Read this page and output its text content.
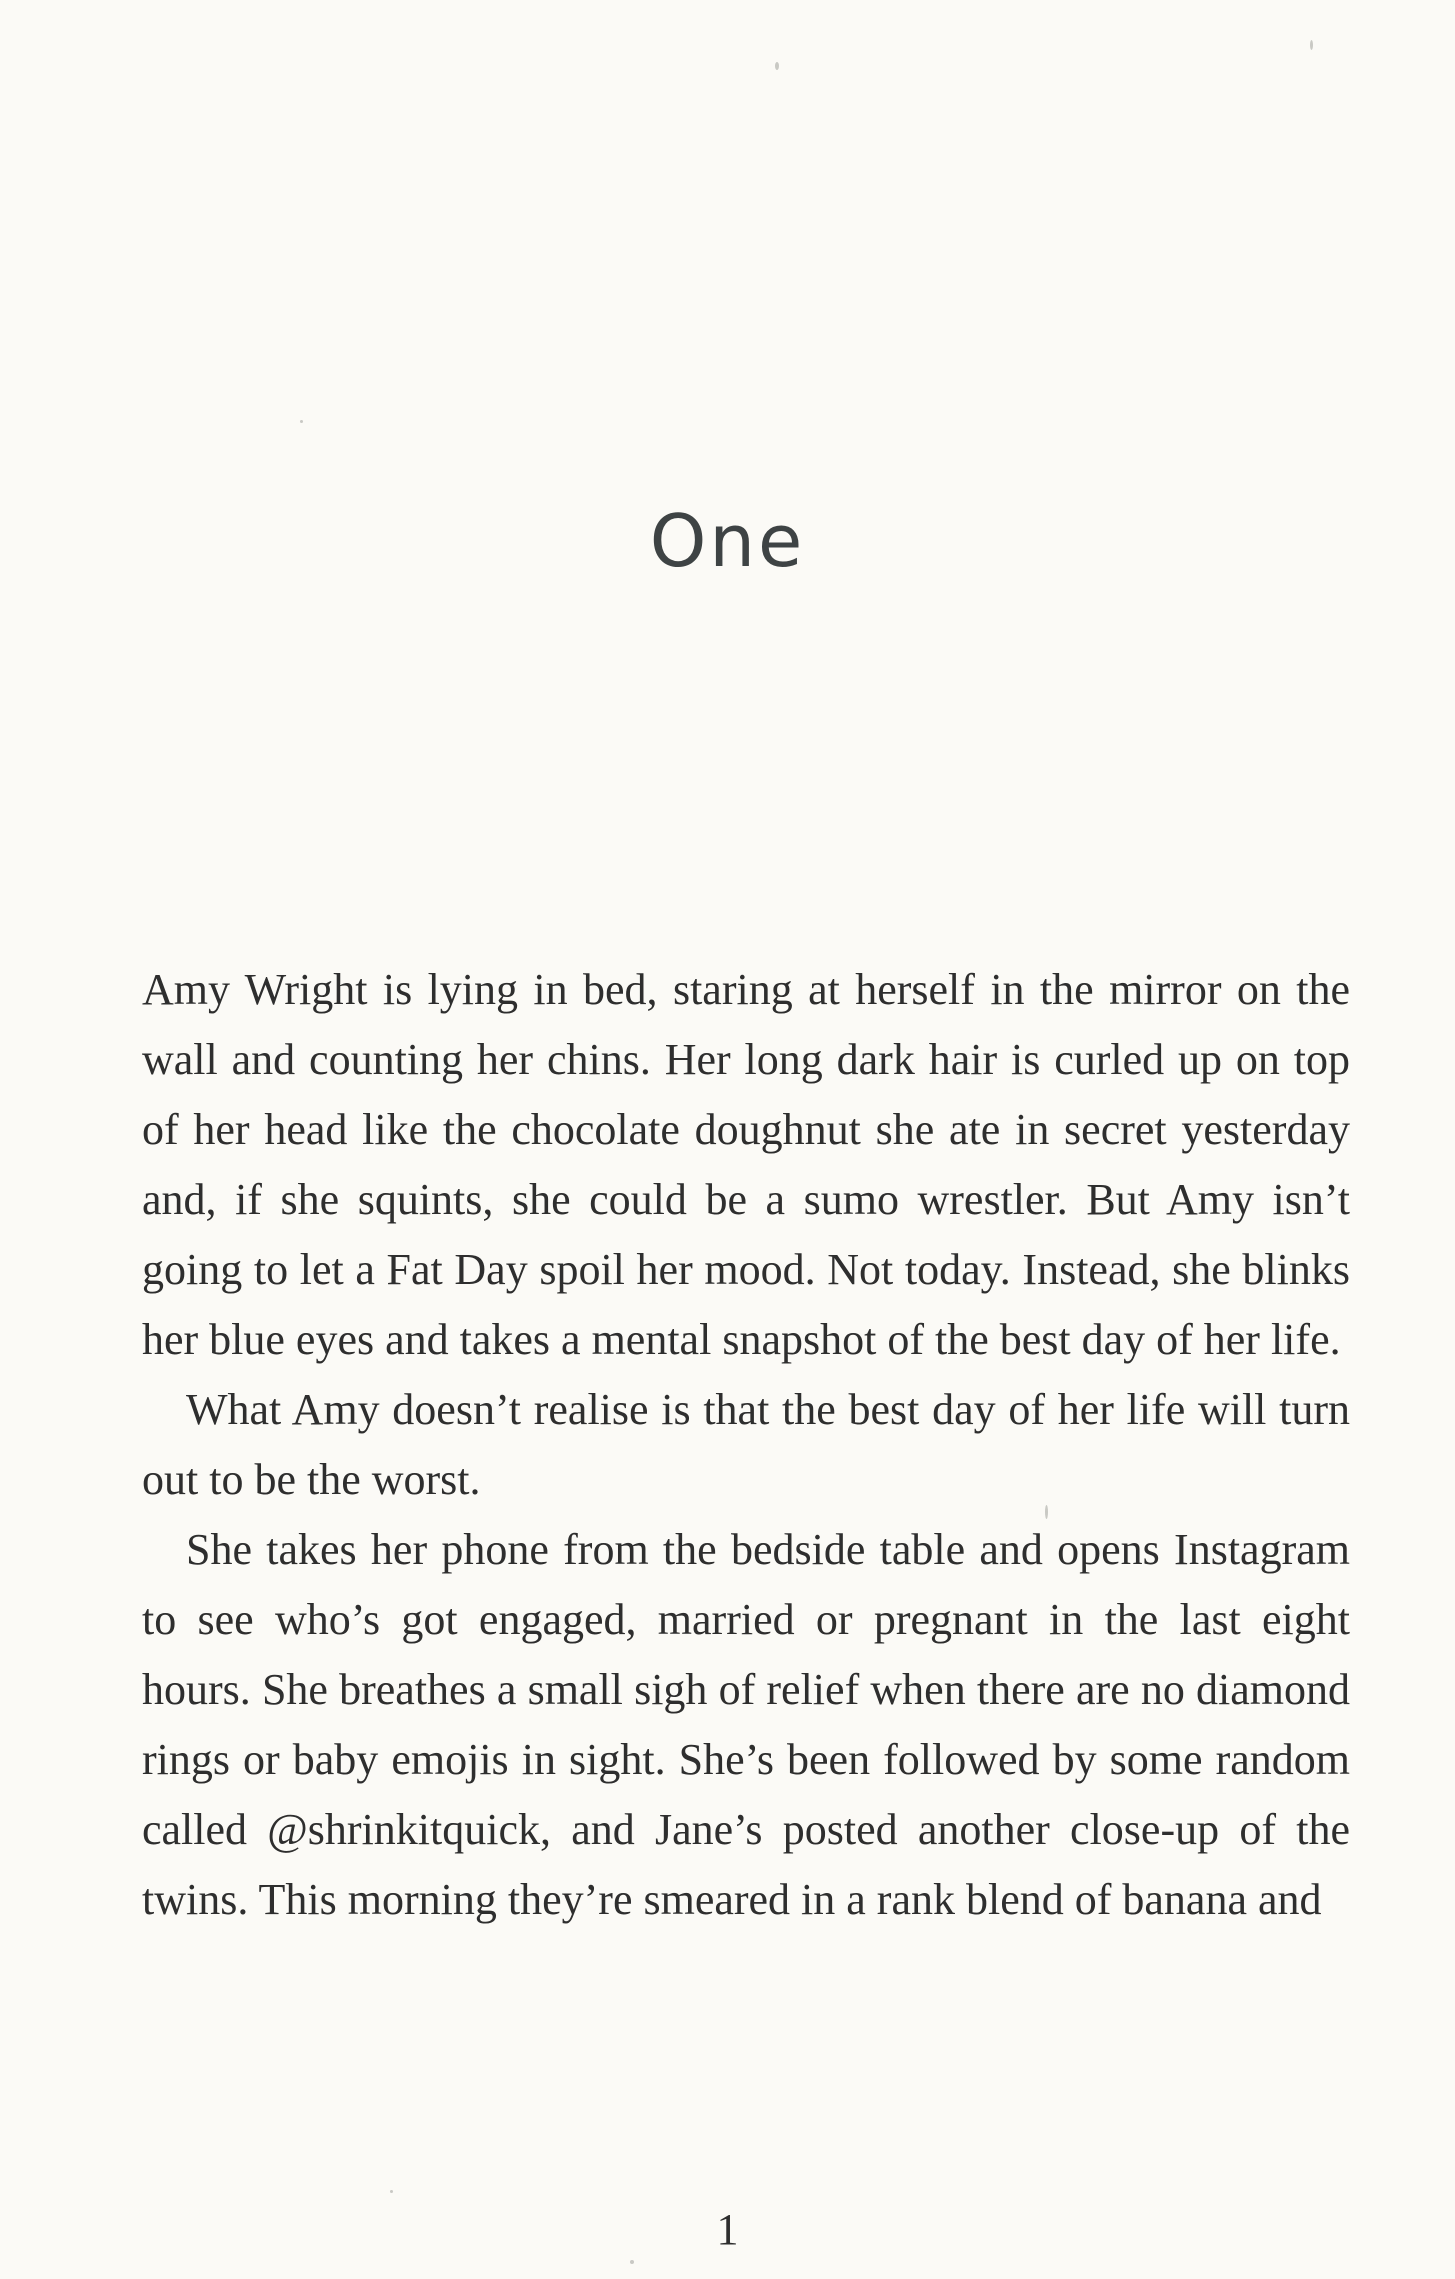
One

Amy Wright is lying in bed, staring at herself in the mirror on the wall and counting her chins. Her long dark hair is curled up on top of her head like the chocolate doughnut she ate in secret yesterday and, if she squints, she could be a sumo wrestler. But Amy isn’t going to let a Fat Day spoil her mood. Not today. Instead, she blinks her blue eyes and takes a mental snapshot of the best day of her life.

What Amy doesn’t realise is that the best day of her life will turn out to be the worst.

She takes her phone from the bedside table and opens Instagram to see who’s got engaged, married or pregnant in the last eight hours. She breathes a small sigh of relief when there are no diamond rings or baby emojis in sight. She’s been followed by some random called @shrinkitquick, and Jane’s posted another close-up of the twins. This morning they’re smeared in a rank blend of banana and

1
